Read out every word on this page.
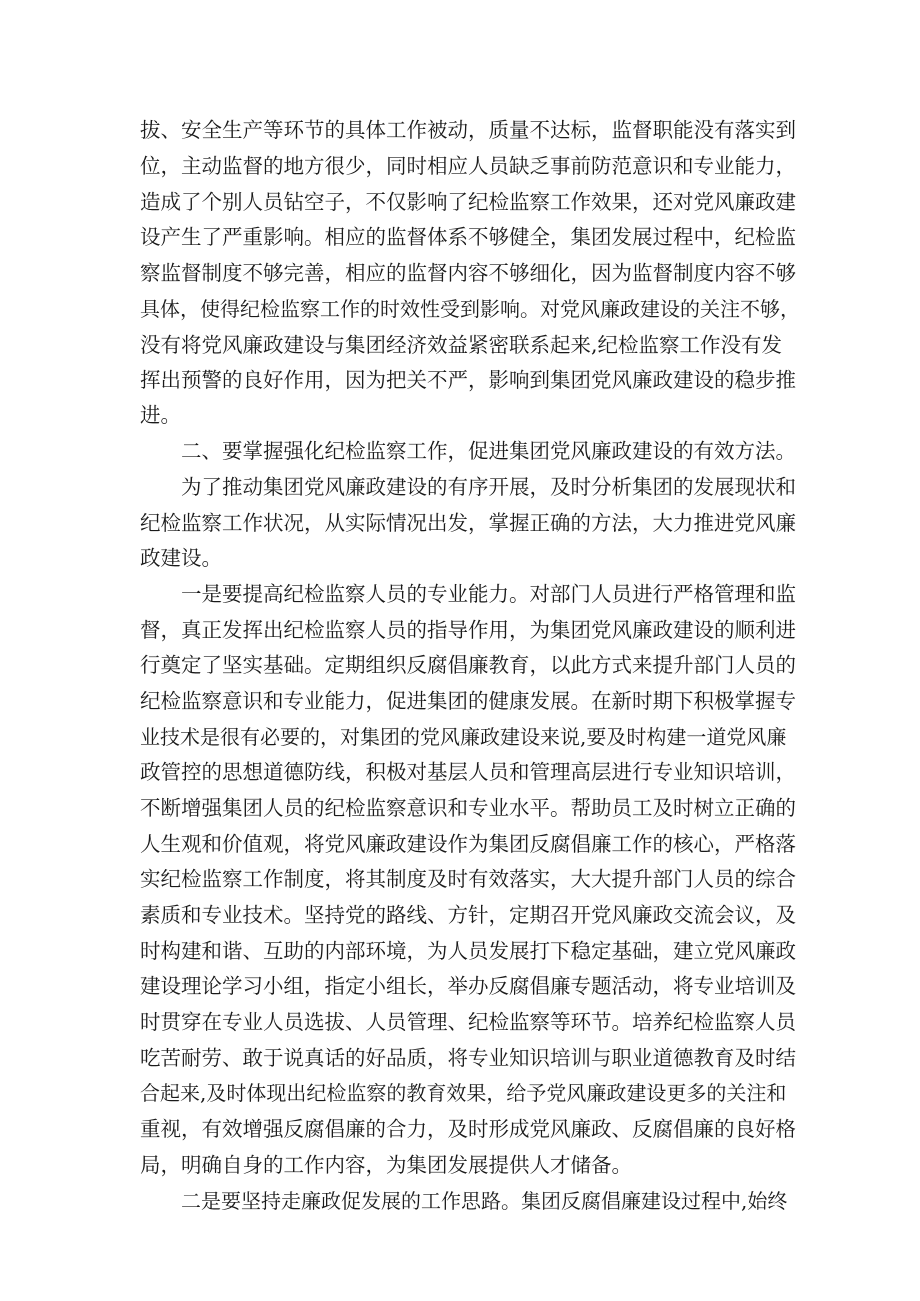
拔、安全生产等环节的具体工作被动，质量不达标，监督职能没有落实到
位，主动监督的地方很少，同时相应人员缺乏事前防范意识和专业能力，
造成了个别人员钻空子，不仅影响了纪检监察工作效果，还对党风廉政建
设产生了严重影响。相应的监督体系不够健全，集团发展过程中，纪检监
察监督制度不够完善，相应的监督内容不够细化，因为监督制度内容不够
具体，使得纪检监察工作的时效性受到影响。对党风廉政建设的关注不够，
没有将党风廉政建设与集团经济效益紧密联系起来,纪检监察工作没有发
挥出预警的良好作用，因为把关不严，影响到集团党风廉政建设的稳步推
进。
二、要掌握强化纪检监察工作，促进集团党风廉政建设的有效方法。
为了推动集团党风廉政建设的有序开展，及时分析集团的发展现状和
纪检监察工作状况，从实际情况出发，掌握正确的方法，大力推进党风廉
政建设。
一是要提高纪检监察人员的专业能力。对部门人员进行严格管理和监
督，真正发挥出纪检监察人员的指导作用，为集团党风廉政建设的顺利进
行奠定了坚实基础。定期组织反腐倡廉教育，以此方式来提升部门人员的
纪检监察意识和专业能力，促进集团的健康发展。在新时期下积极掌握专
业技术是很有必要的，对集团的党风廉政建设来说,要及时构建一道党风廉
政管控的思想道德防线，积极对基层人员和管理高层进行专业知识培训，
不断增强集团人员的纪检监察意识和专业水平。帮助员工及时树立正确的
人生观和价值观，将党风廉政建设作为集团反腐倡廉工作的核心，严格落
实纪检监察工作制度，将其制度及时有效落实，大大提升部门人员的综合
素质和专业技术。坚持党的路线、方针，定期召开党风廉政交流会议，及
时构建和谐、互助的内部环境，为人员发展打下稳定基础，建立党风廉政
建设理论学习小组，指定小组长，举办反腐倡廉专题活动，将专业培训及
时贯穿在专业人员选拔、人员管理、纪检监察等环节。培养纪检监察人员
吃苦耐劳、敢于说真话的好品质，将专业知识培训与职业道德教育及时结
合起来,及时体现出纪检监察的教育效果，给予党风廉政建设更多的关注和
重视，有效增强反腐倡廉的合力，及时形成党风廉政、反腐倡廉的良好格
局，明确自身的工作内容，为集团发展提供人才储备。
二是要坚持走廉政促发展的工作思路。集团反腐倡廉建设过程中,始终
